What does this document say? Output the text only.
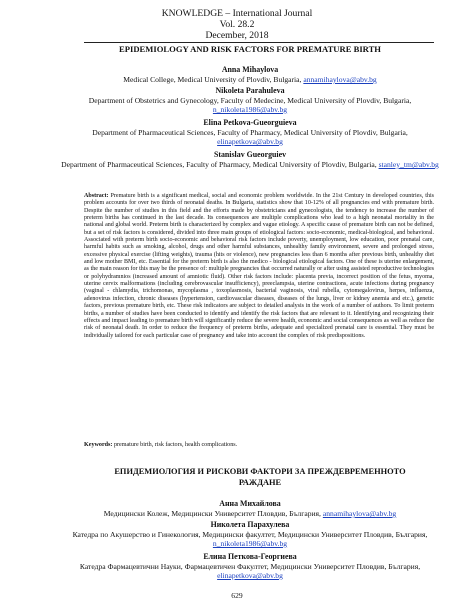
KNOWLEDGE – International Journal
Vol. 28.2
December, 2018
EPIDEMIOLOGY AND RISK FACTORS FOR PREMATURE BIRTH
Anna Mihaylova
Medical College, Medical University of Plovdiv, Bulgaria, annamihaylova@abv.bg
Nikoleta Parahuleva
Department of Obstetrics and Gynecology, Faculty of Medecine, Medical University of Plovdiv, Bulgaria, n_nikoleta1986@abv.bg
Elina Petkova-Gueorguieva
Department of Pharmaceutical Sciences, Faculty of Pharmacy, Medical University of Plovdiv, Bulgaria, elinapetkova@abv.bg
Stanislav Gueorguiev
Department of Pharmaceutical Sciences, Faculty of Pharmacy, Medical University of Plovdiv, Bulgaria, stanley_tm@abv.bg
Abstract: Premature birth is a significant medical, social and economic problem worldwide. In the 21st Century in developed countries, this problem accounts for over two thirds of neonatal deaths. In Bulgaria, statistics show that 10-12% of all pregnancies end with premature birth. Despite the number of studies in this field and the efforts made by obstetricians and gynecologists, the tendency to increase the number of preterm births has continued in the last decade. Its consequences are multiple complications who lead to a high neonatal mortality in the national and global world. Preterm birth is characterized by complex and vague etiology. A specific cause of premature birth can not be defined, but a set of risk factors is considered, divided into three main groups of etiological factors: socio-economic, medical-biological, and behavioral. Associated with preterm birth socio-economic and behavioral risk factors include poverty, unemployment, low education, poor prenatal care, harmful habits such as smoking, alcohol, drugs and other harmful substances, unhealthy family environment, severe and prolonged stress, excessive physical exercise (lifting weights), trauma (hits or violence), new pregnancies less than 6 months after previous birth, unhealthy diet and low mother BMI, etc. Essential for the preterm birth is also the medico - biological etiological factors. One of these is uterine enlargement, as the main reason for this may be the presence of: multiple pregnancies that occurred naturally or after using assisted reproductive technologies or polyhydramnios (increased amount of amniotic fluid). Other risk factors include: placenta previa, incorrect position of the fetus, myoma, uterine cervix malformations (including cerebrovascular insufficiency), preeclampsia, uterine contractions, acute infections during pregnancy (vaginal - chlamydia, trichomonas, mycoplasma , toxoplasmosis, bacterial vaginosis, viral rubella, cytomegalovirus, herpes, influenza, adenovirus infection, chronic diseases (hypertension, cardiovascular diseases, diseases of the lungs, liver or kidney anemia and etc.), genetic factors, previous premature birth, etc. These risk indicators are subject to detailed analysis in the work of a number of authors. To limit preterm births, a number of studies have been conducted to identify and identify the risk factors that are relevant to it. Identifying and recognizing their effects and impact leading to premature birth will significantly reduce the severe health, economic and social consequences as well as reduce the risk of neonatal death. In order to reduce the frequency of preterm births, adequate and specialized prenatal care is essential. They must be individually tailored for each particular case of pregnancy and take into account the complex of risk predispositions.
Keywords: premature birth, risk factors, health complications.
ЕПИДЕМИОЛОГИЯ И РИСКОВИ ФАКТОРИ ЗА ПРЕЖДЕВРЕМЕННОТО
РАЖДАНЕ
Анна Михайлова
Медицински Колеж, Медицински Университет Пловдив, България, annamihaylova@abv.bg
Николета Парахулева
Катедра по Акушерство и Гинекология, Медицински факултет, Медицински Университет Пловдив, България, n_nikoleta1986@abv.bg
Елина Петкова-Георгиева
Катедра Фармацевтични Науки, Фармацевтичен Факултет, Медицински Университет Пловдив, България, elinapetkova@abv.bg
629
